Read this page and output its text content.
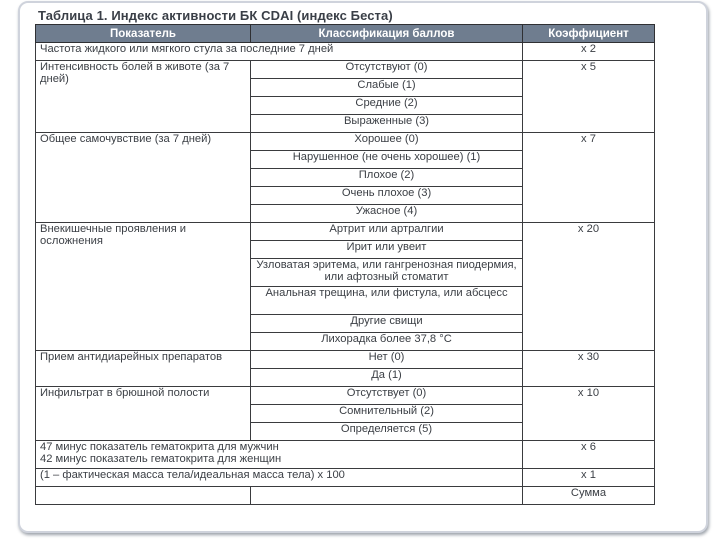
Таблица 1. Индекс активности БК CDAI (индекс Беста)
Показатель	Классификация баллов	Коэффициент
Частота жидкого или мягкого стула за последние 7 дней		x 2
Интенсивность болей в животе (за 7 дней)	Отсутствуют (0)	x 5
	Слабые (1)	
	Средние (2)	
	Выраженные (3)	
Общее самочувствие (за 7 дней)	Хорошее (0)	x 7
	Нарушенное (не очень хорошее) (1)	
	Плохое (2)	
	Очень плохое (3)	
	Ужасное (4)	
Внекишечные проявления и осложнения	Артрит или артралгии	x 20
	Ирит или увеит	
	Узловатая эритема, или гангренозная пиодермия, или афтозный стоматит	
	Анальная трещина, или фистула, или абсцесс	
	Другие свищи	
	Лихорадка более 37,8 °С	
Прием антидиарейных препаратов	Нет (0)	x 30
	Да (1)	
Инфильтрат в брюшной полости	Отсутствует (0)	x 10
	Сомнительный (2)	
	Определяется (5)	

47 минус показатель гематокрита для мужчин
42 минус показатель гематокрита для женщин		x 6
(1 – фактическая масса тела/идеальная масса тела) х 100		x 1
		Сумма
